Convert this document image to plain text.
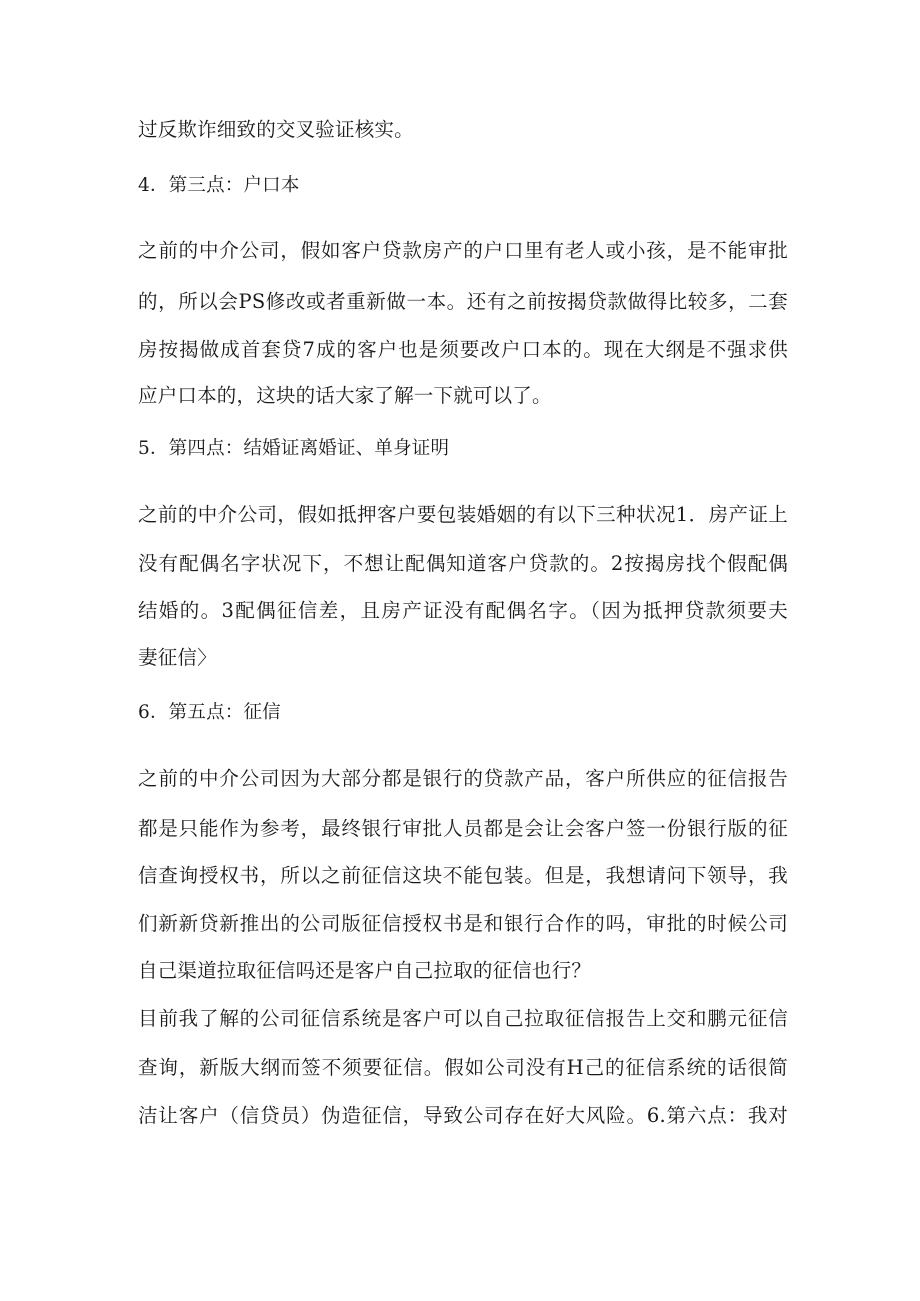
过反欺诈细致的交叉验证核实。
4．第三点：户口本
之前的中介公司，假如客户贷款房产的户口里有老人或小孩，是不能审批
的，所以会PS修改或者重新做一本。还有之前按揭贷款做得比较多，二套
房按揭做成首套贷7成的客户也是须要改户口本的。现在大纲是不强求供
应户口本的，这块的话大家了解一下就可以了。
5．第四点：结婚证离婚证、单身证明
之前的中介公司，假如抵押客户要包装婚姻的有以下三种状况1．房产证上
没有配偶名字状况下，不想让配偶知道客户贷款的。2按揭房找个假配偶
结婚的。3配偶征信差，且房产证没有配偶名字。（因为抵押贷款须要夫
妻征信〉
6．第五点：征信
之前的中介公司因为大部分都是银行的贷款产品，客户所供应的征信报告
都是只能作为参考，最终银行审批人员都是会让会客户签一份银行版的征
信查询授权书，所以之前征信这块不能包装。但是，我想请问下领导，我
们新新贷新推出的公司版征信授权书是和银行合作的吗，审批的时候公司
自己渠道拉取征信吗还是客户自己拉取的征信也行？
目前我了解的公司征信系统是客户可以自己拉取征信报告上交和鹏元征信
查询，新版大纲而签不须要征信。假如公司没有H己的征信系统的话很简
洁让客户（信贷员）伪造征信，导致公司存在好大风险。6.第六点：我对
